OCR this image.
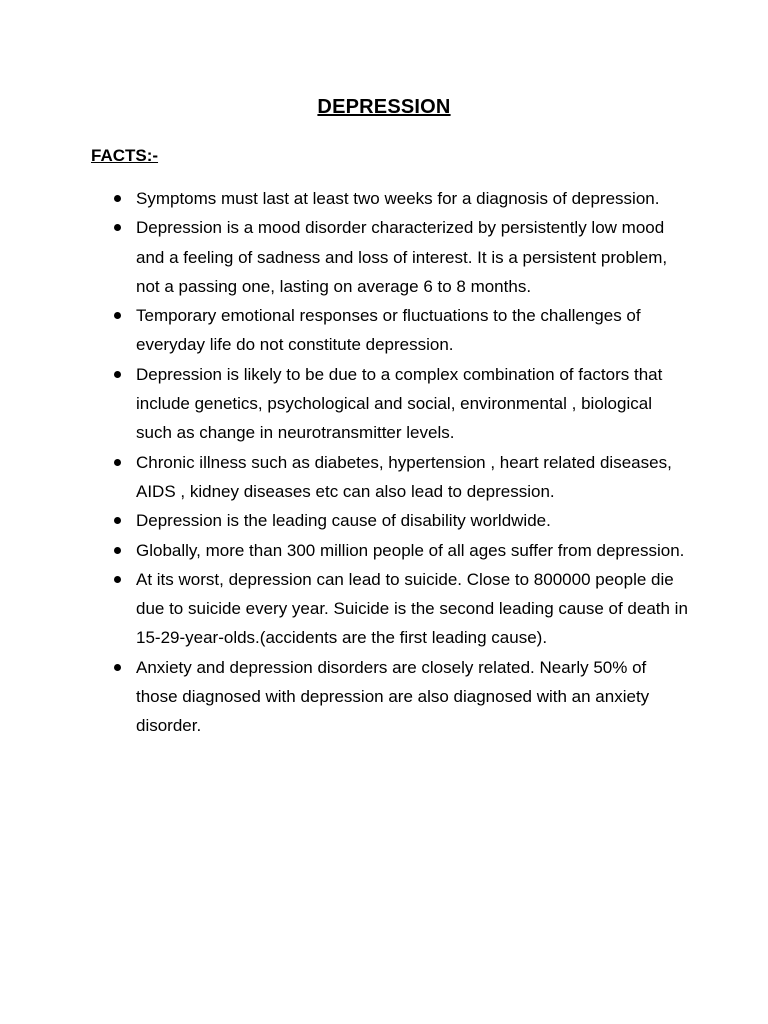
DEPRESSION
FACTS:-
Symptoms must last at least two weeks for a diagnosis of depression.
Depression is a mood disorder characterized by persistently low mood and a feeling of sadness and loss of interest. It is a persistent problem, not a passing one, lasting on average 6 to 8 months.
Temporary emotional responses or fluctuations to the challenges of everyday life do not constitute depression.
Depression is likely to be due to a complex combination of factors that include genetics, psychological and social, environmental , biological such as change in neurotransmitter levels.
Chronic illness such as diabetes, hypertension , heart related diseases, AIDS , kidney diseases etc can also lead to depression.
Depression is the leading cause of disability worldwide.
Globally, more than 300 million people of all ages suffer from depression.
At its worst, depression can lead to suicide. Close to 800000 people die due to suicide every year. Suicide is the second leading cause of death in 15-29-year-olds.(accidents are the first leading cause).
Anxiety and depression disorders are closely related. Nearly 50% of those diagnosed with depression are also diagnosed with an anxiety disorder.
